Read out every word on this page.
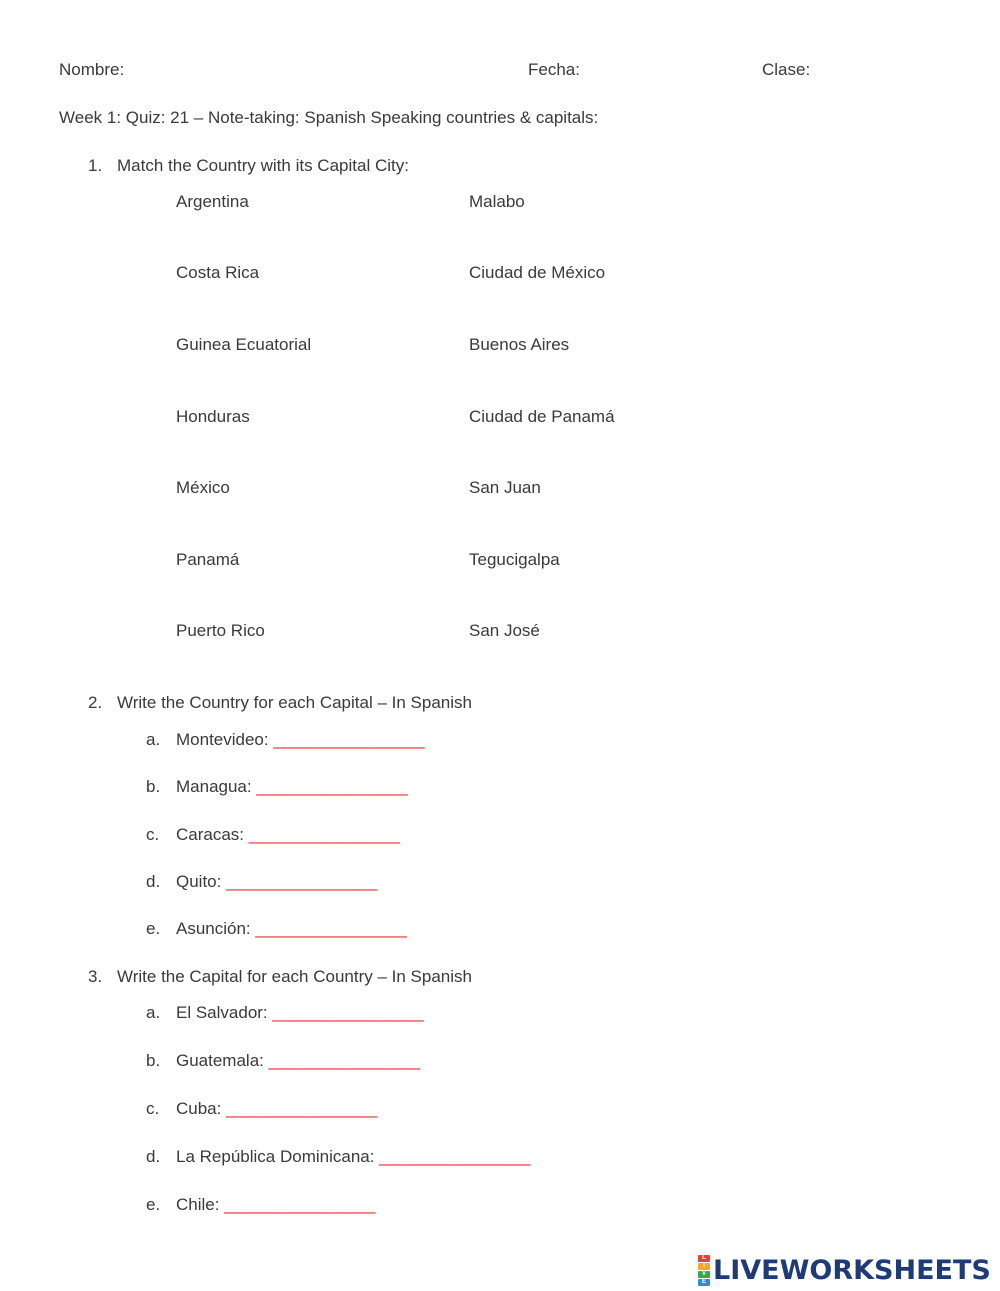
Nombre:	Fecha:	Clase:
Week 1: Quiz: 21 – Note-taking: Spanish Speaking countries & capitals:
1. Match the Country with its Capital City:
Argentina
Costa Rica
Guinea Ecuatorial
Honduras
México
Panamá
Puerto Rico
Malabo
Ciudad de México
Buenos Aires
Ciudad de Panamá
San Juan
Tegucigalpa
San José
2. Write the Country for each Capital – In Spanish
a. Montevideo: ________________
b. Managua: ________________
c. Caracas: ________________
d. Quito: ________________
e. Asunción: ________________
3. Write the Capital for each Country – In Spanish
a. El Salvador: ________________
b. Guatemala: ________________
c. Cuba: ________________
d. La República Dominicana: ________________
e. Chile: ________________
L
I
V
E LIVEWORKSHEETS
